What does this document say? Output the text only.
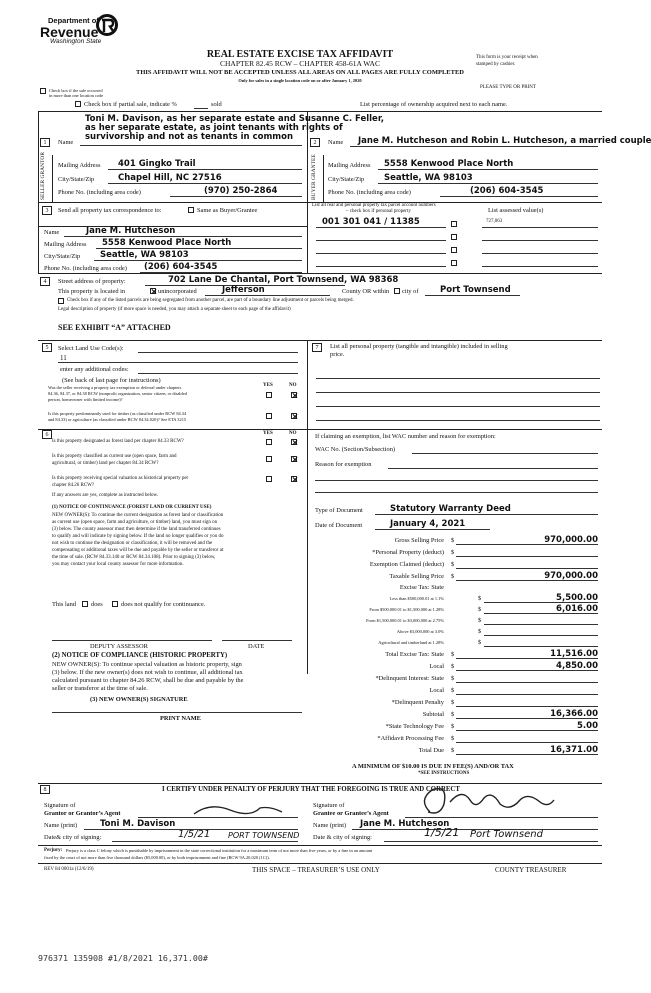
Department of
Revenue
Washington State
REAL ESTATE EXCISE TAX AFFIDAVIT
CHAPTER 82.45 RCW – CHAPTER 458-61A WAC
THIS AFFIDAVIT WILL NOT BE ACCEPTED UNLESS ALL AREAS ON ALL PAGES ARE FULLY COMPLETED
Only for sales in a single location code on or after January 1, 2020
This form is your receipt when
stamped by cashier.
PLEASE TYPE OR PRINT
Check box if the sale occurred
in more than one location code
Check box if partial sale, indicate %	sold	List percentage of ownership acquired next to each name.
1	Name
Toni M. Davison, as her separate estate and Susanne C. Feller,
as her separate estate, as joint tenants with rights of
survivorship and not as tenants in common
SELLER GRANTOR Mailing Address 401 Gingko Trail
City/State/Zip	Chapel Hill, NC 27516
Phone No. (including area code)	(970) 250-2864
2	Name Jane M. Hutcheson and Robin L. Hutcheson, a married couple
BUYER GRANTEE Mailing Address 5558 Kenwood Place North
City/State/Zip Seattle, WA 98103
Phone No. (including area code)	(206) 604-3545
3	Send all property tax correspondence to:	Same as Buyer/Grantee
Name	Jane M. Hutcheson
Mailing Address 5558 Kenwood Place North
City/State/Zip Seattle, WA 98103
Phone No. (including area code) (206) 604-3545
List all real and personal property tax parcel account numbers
– check box if personal property	List assessed value(s)
001 301 041 / 11385	727,063
4	Street address of property:	702 Lane De Chantal, Port Townsend, WA 98368
This property is located in	unincorporated	Jefferson	County OR within city of	Port Townsend
Check box if any of the listed parcels are being segregated from another parcel, are part of a boundary line adjustment or parcels being merged.
Legal description of property (if more space is needed, you may attach a separate sheet to each page of the affidavit)
SEE EXHIBIT “A” ATTACHED
5	Select Land Use Code(s):
11
enter any additional codes:
(See back of last page for instructions)
YES	NO
Was the seller receiving a property tax exemption or deferral under chapters
84.36, 84.37, or 84.38 RCW (nonprofit organization, senior citizen, or disabled
person, homeowner with limited income)?
Is this property predominantly used for timber (as classified under RCW 84.34
and 84.33) or agriculture (as classified under RCW 84.34.020)? See ETA 3215
7	List all personal property (tangible and intangible) included in selling
price.
6	YES	NO
Is this property designated as forest land per chapter 84.33 RCW?
Is this property classified as current use (open space, farm and
agricultural, or timber) land per chapter 84.34 RCW?
Is this property receiving special valuation as historical property per
chapter 84.26 RCW?
If any answers are yes, complete as instructed below.
(1) NOTICE OF CONTINUANCE (FOREST LAND OR CURRENT USE)
NEW OWNER(S): To continue the current designation as forest land or classification
as current use (open space, farm and agriculture, or timber) land, you must sign on
(3) below. The county assessor must then determine if the land transferred continues
to qualify and will indicate by signing below. If the land no longer qualifies or you do
not wish to continue the designation or classification, it will be removed and the
compensating or additional taxes will be due and payable by the seller or transferor at
the time of sale. (RCW 84.33.140 or RCW 84.34.108). Prior to signing (3) below,
you may contact your local county assessor for more information.
This land does	does not qualify for continuance.
DEPUTY ASSESSOR	DATE
(2) NOTICE OF COMPLIANCE (HISTORIC PROPERTY)
NEW OWNER(S): To continue special valuation as historic property, sign
(3) below. If the new owner(s) does not wish to continue, all additional tax
calculated pursuant to chapter 84.26 RCW, shall be due and payable by the
seller or transferor at the time of sale.
(3) NEW OWNER(S) SIGNATURE
PRINT NAME
If claiming an exemption, list WAC number and reason for exemption:
WAC No. (Section/Subsection)
Reason for exemption
Type of Document	Statutory Warranty Deed
Date of Document	January 4, 2021
Gross Selling Price $	970,000.00
*Personal Property (deduct) $
Exemption Claimed (deduct) $
Taxable Selling Price $	970,000.00
Excise Tax: State
Less than $500,000.01 at 1.1%	$	5,500.00
From $500,000.01 to $1,500,000 at 1.28%	$	6,016.00
From $1,500,000.01 to $3,000,000 at 2.75%	$
Above $3,000,000 at 3.0%	$
Agricultural and timberland at 1.28%	$
Total Excise Tax: State $	11,516.00
Local $	4,850.00
*Delinquent Interest: State $
Local $
*Delinquent Penalty $
Subtotal $	16,366.00
*State Technology Fee $	5.00
*Affidavit Processing Fee $
Total Due $	16,371.00
A MINIMUM OF $10.00 IS DUE IN FEE(S) AND/OR TAX
*SEE INSTRUCTIONS
8	I CERTIFY UNDER PENALTY OF PERJURY THAT THE FOREGOING IS TRUE AND CORRECT
Signature of
Grantor or Grantor’s Agent
Signature of
Grantee or Grantee’s Agent
Name (print)	Toni M. Davison	Name (print) Jane M. Hutcheson
Date& city of signing:	1/5/21 PORT TOWNSEND Date & city of signing:	1/5/21 Port Townsend
Perjury: Perjury is a class C felony which is punishable by imprisonment in the state correctional institution for a maximum term of not more than five years, or by a fine in an amount
fixed by the court of not more than five thousand dollars ($5,000.00), or by both imprisonment and fine (RCW 9A.20.020 (1C)).
REV 84 0001a (12/6/19)	THIS SPACE – TREASURER’S USE ONLY	COUNTY TREASURER
976371 135908 #1/8/2021 16,371.00#
